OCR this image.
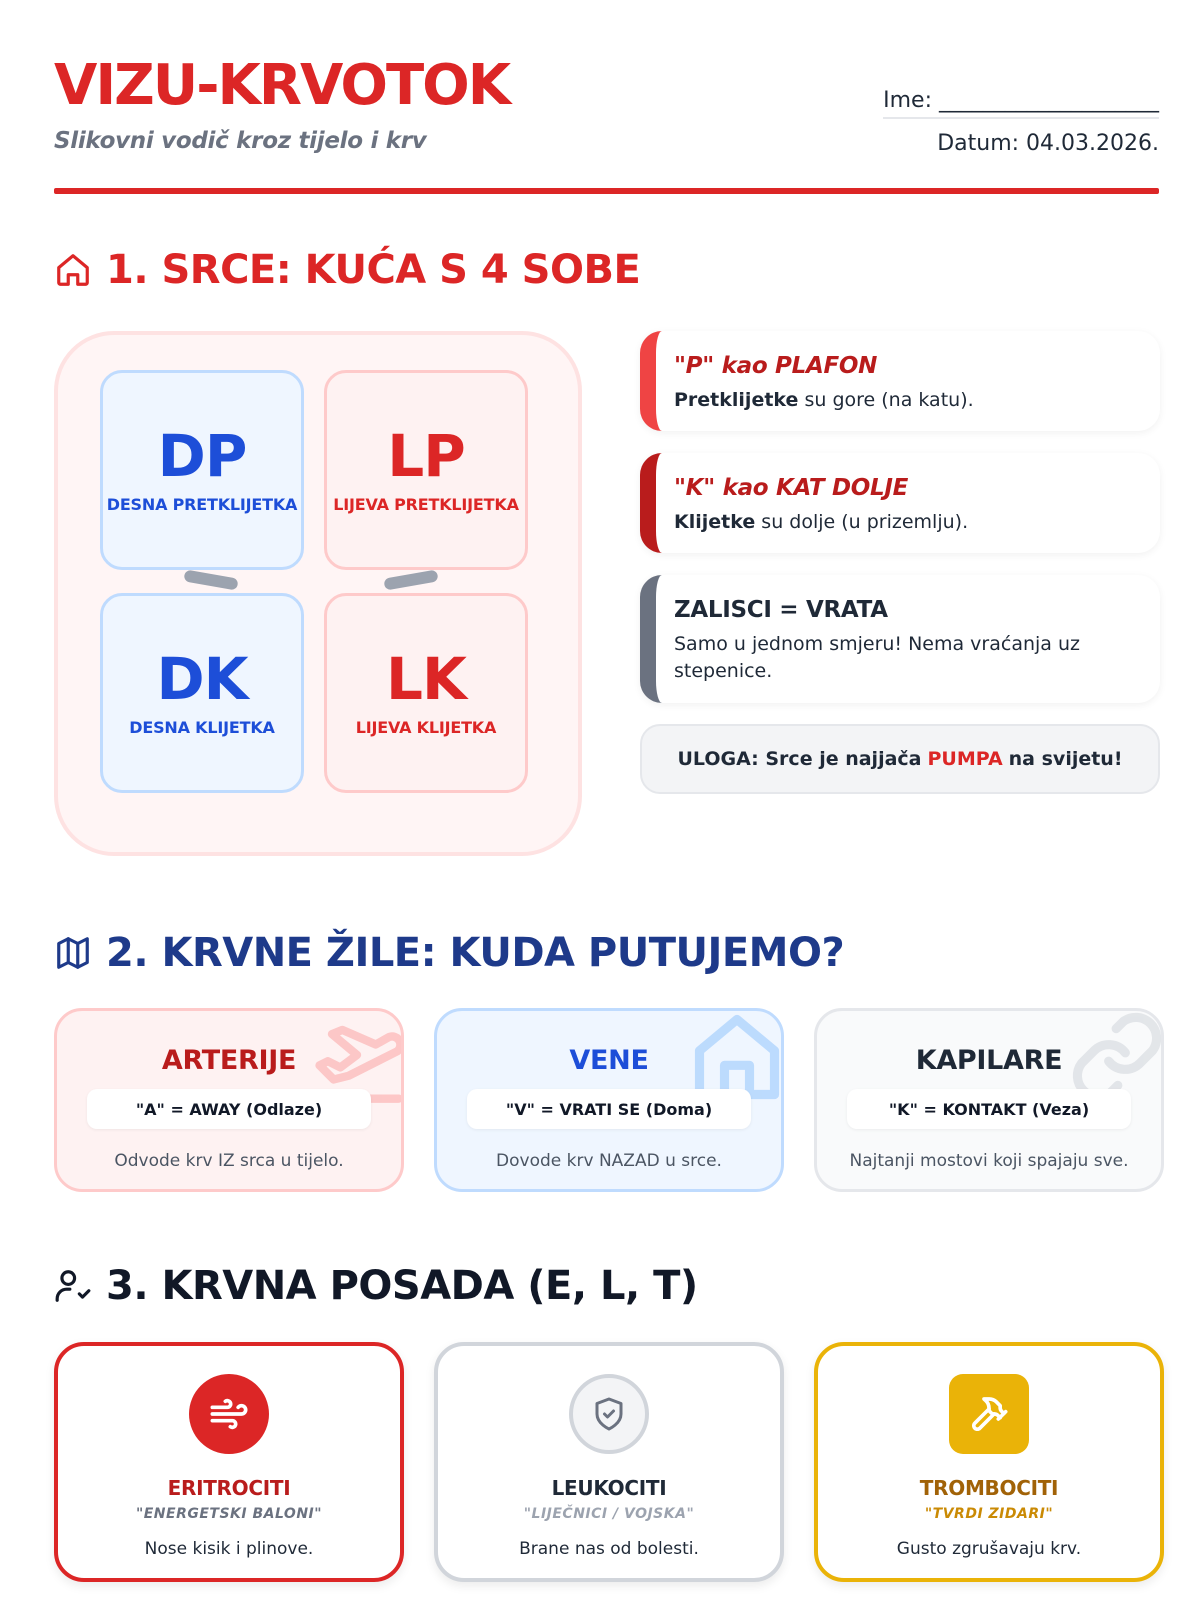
VIZU-KRVOTOK
Slikovni vodič kroz tijelo i krv
Ime: ____________________
Datum: 04.03.2026.
1. SRCE: KUĆA S 4 SOBE
DP
DESNA PRETKLIJETKA
LP
LIJEVA PRETKLIJETKA
DK
DESNA KLIJETKA
LK
LIJEVA KLIJETKA
"P" kao PLAFON
Pretklijetke su gore (na katu).
"K" kao KAT DOLJE
Klijetke su dolje (u prizemlju).
ZALISCI = VRATA
Samo u jednom smjeru! Nema vraćanja uz stepenice.
ULOGA: Srce je najjača PUMPA na svijetu!
2. KRVNE ŽILE: KUDA PUTUJEMO?
ARTERIJE
"A" = AWAY (Odlaze)
Odvode krv IZ srca u tijelo.
VENE
"V" = VRATI SE (Doma)
Dovode krv NAZAD u srce.
KAPILARE
"K" = KONTAKT (Veza)
Najtanji mostovi koji spajaju sve.
3. KRVNA POSADA (E, L, T)
ERITROCITI
"ENERGETSKI BALONI"
Nose kisik i plinove.
LEUKOCITI
"LIJEČNICI / VOJSKA"
Brane nas od bolesti.
TROMBOCITI
"TVRDI ZIDARI"
Gusto zgrušavaju krv.
